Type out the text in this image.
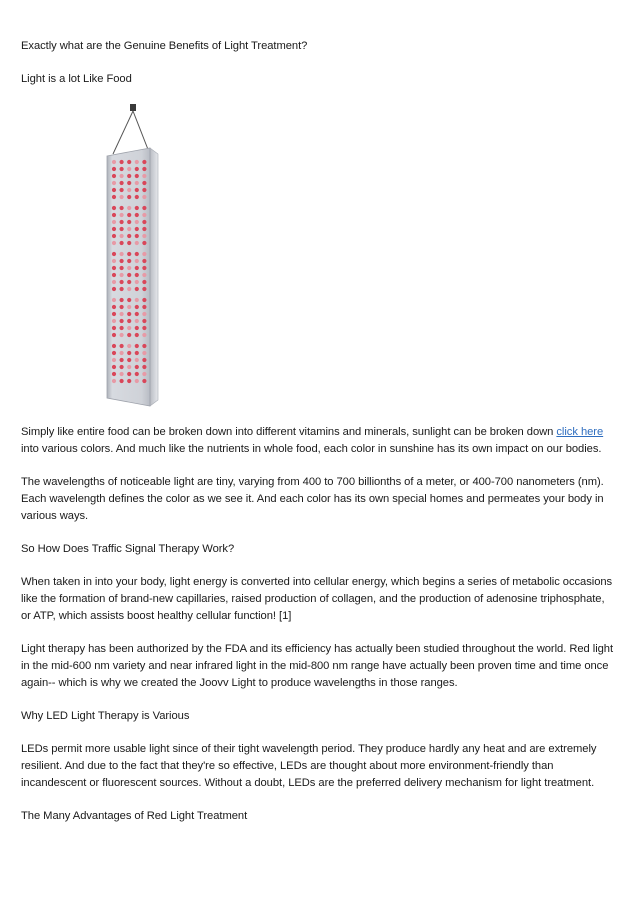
Exactly what are the Genuine Benefits of Light Treatment?

Light is a lot Like Food

Simply like entire food can be broken down into different vitamins and minerals, sunlight can be broken down click here into various colors. And much like the nutrients in whole food, each color in sunshine has its own impact on our bodies.

The wavelengths of noticeable light are tiny, varying from 400 to 700 billionths of a meter, or 400-700 nanometers (nm). Each wavelength defines the color as we see it. And each color has its own special homes and permeates your body in various ways.

So How Does Traffic Signal Therapy Work?

When taken in into your body, light energy is converted into cellular energy, which begins a series of metabolic occasions like the formation of brand-new capillaries, raised production of collagen, and the production of adenosine triphosphate, or ATP, which assists boost healthy cellular function! [1]

Light therapy has been authorized by the FDA and its efficiency has actually been studied throughout the world. Red light in the mid-600 nm variety and near infrared light in the mid-800 nm range have actually been proven time and time once again-- which is why we created the Joovv Light to produce wavelengths in those ranges.

Why LED Light Therapy is Various

LEDs permit more usable light since of their tight wavelength period. They produce hardly any heat and are extremely resilient. And due to the fact that they're so effective, LEDs are thought about more environment-friendly than incandescent or fluorescent sources. Without a doubt, LEDs are the preferred delivery mechanism for light treatment.

The Many Advantages of Red Light Treatment
